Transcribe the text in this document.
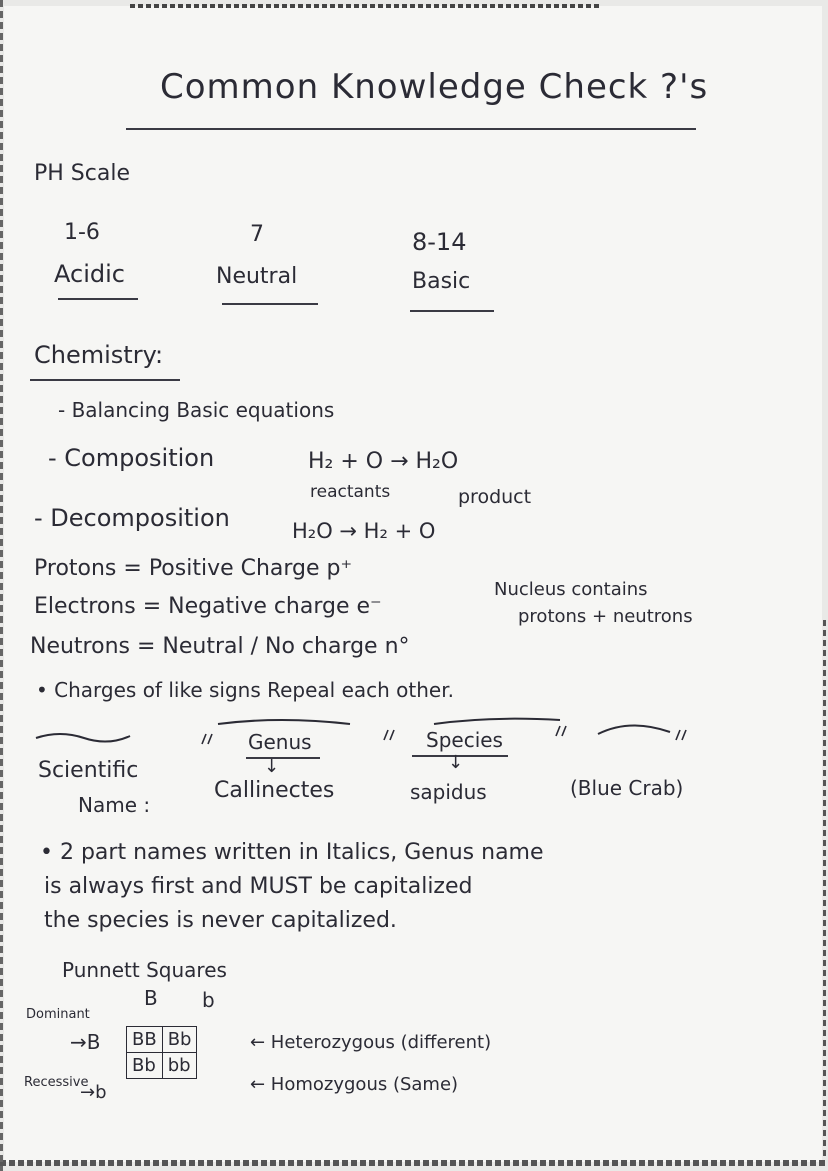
Common Knowledge Check ?'s
PH Scale
1-6
Acidic
7
Neutral
8-14
Basic
Chemistry:
- Balancing Basic equations
- Composition	H₂ + O → H₂O
reactants	product
- Decomposition	H₂O → H₂ + O
Protons = Positive Charge p⁺
Electrons = Negative charge e⁻
Neutrons = Neutral / No charge n°
Nucleus contains
protons + neutrons
• Charges of like signs Repeal each other.
Genus
↓
Species
↓
Scientific
Name :
Callinectes	sapidus	(Blue Crab)
• 2 part names written in Italics, Genus name
is always first and MUST be capitalized
the species is never capitalized.
Punnett Squares
B b
Dominant
→B
Recessive
→b
BB	Bb
Bb	bb
← Heterozygous (different)
← Homozygous (Same)
